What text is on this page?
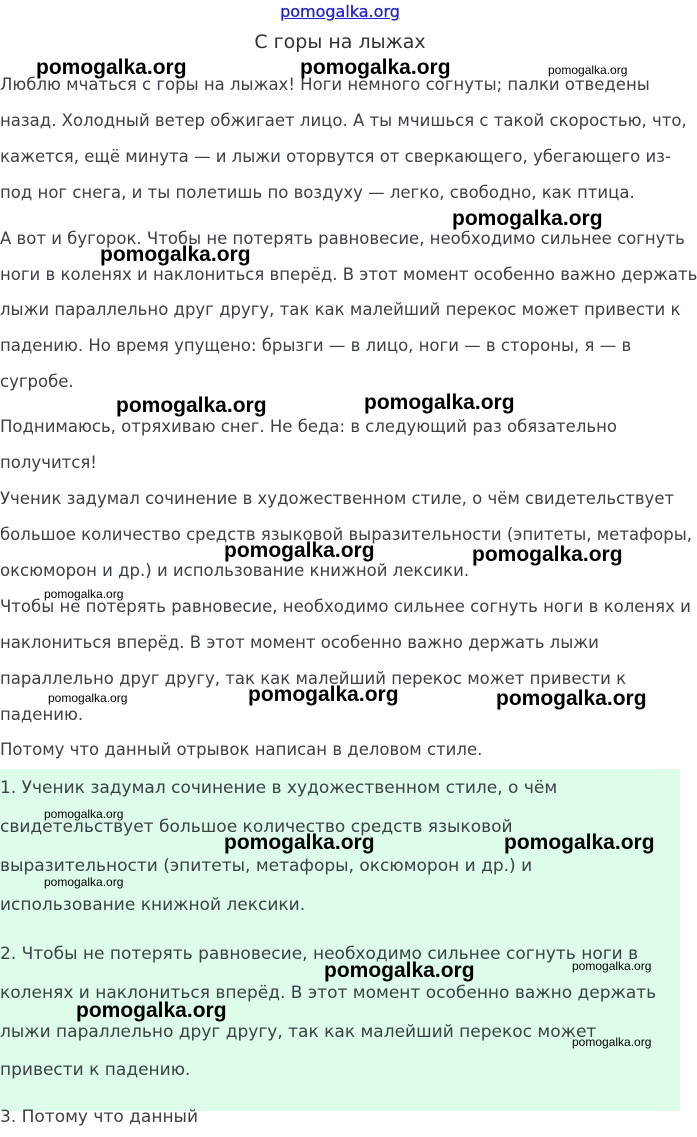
pomogalka.org
С горы на лыжах
Люблю мчаться с горы на лыжах! Ноги немного согнуты; палки отведены
назад. Холодный ветер обжигает лицо. А ты мчишься с такой скоростью, что,
кажется, ещё минута — и лыжи оторвутся от сверкающего, убегающего из-
под ног снега, и ты полетишь по воздуху — легко, свободно, как птица.
А вот и бугорок. Чтобы не потерять равновесие, необходимо сильнее согнуть
ноги в коленях и наклониться вперёд. В этот момент особенно важно держать
лыжи параллельно друг другу, так как малейший перекос может привести к
падению. Но время упущено: брызги — в лицо, ноги — в стороны, я — в
сугробе.
Поднимаюсь, отряхиваю снег. Не беда: в следующий раз обязательно
получится!
Ученик задумал сочинение в художественном стиле, о чём свидетельствует
большое количество средств языковой выразительности (эпитеты, метафоры,
оксюморон и др.) и использование книжной лексики.
Чтобы не потерять равновесие, необходимо сильнее согнуть ноги в коленях и
наклониться вперёд. В этот момент особенно важно держать лыжи
параллельно друг другу, так как малейший перекос может привести к
падению.
Потому что данный отрывок написан в деловом стиле.
1. Ученик задумал сочинение в художественном стиле, о чём
свидетельствует большое количество средств языковой
выразительности (эпитеты, метафоры, оксюморон и др.) и
использование книжной лексики.
2. Чтобы не потерять равновесие, необходимо сильнее согнуть ноги в
коленях и наклониться вперёд. В этот момент особенно важно держать
лыжи параллельно друг другу, так как малейший перекос может
привести к падению.
3. Потому что данный
pomogalka.org	pomogalka.org	pomogalka.org
pomogalka.org
pomogalka.org
pomogalka.org	pomogalka.org
pomogalka.org	pomogalka.org
pomogalka.org
pomogalka.org
pomogalka.org	pomogalka.org
pomogalka.org
pomogalka.org	pomogalka.org
pomogalka.org
pomogalka.org	pomogalka.org
pomogalka.org
pomogalka.org
